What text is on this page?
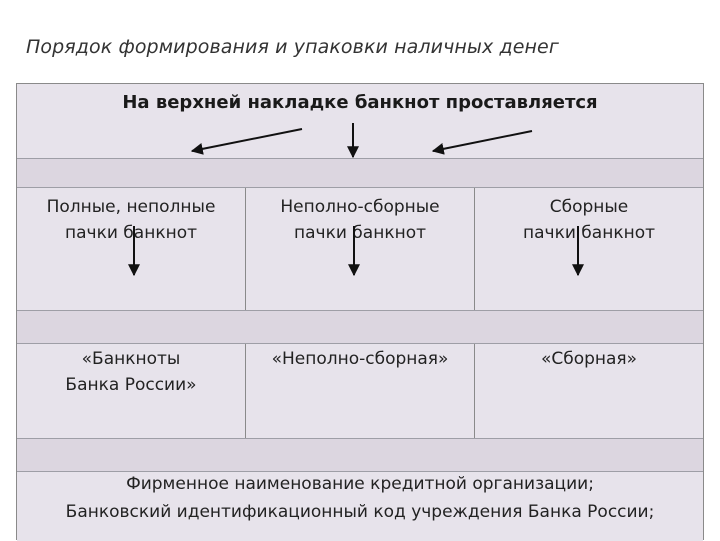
Порядок формирования и упаковки наличных денег
На верхней накладке банкнот проставляется
Полные, неполные
пачки банкнот
Неполно-сборные
пачки банкнот
Сборные
пачки банкнот
«Банкноты
Банка России»
«Неполно-сборная»	«Сборная»
Фирменное наименование кредитной организации;
Банковский идентификационный код учреждения Банка России;
